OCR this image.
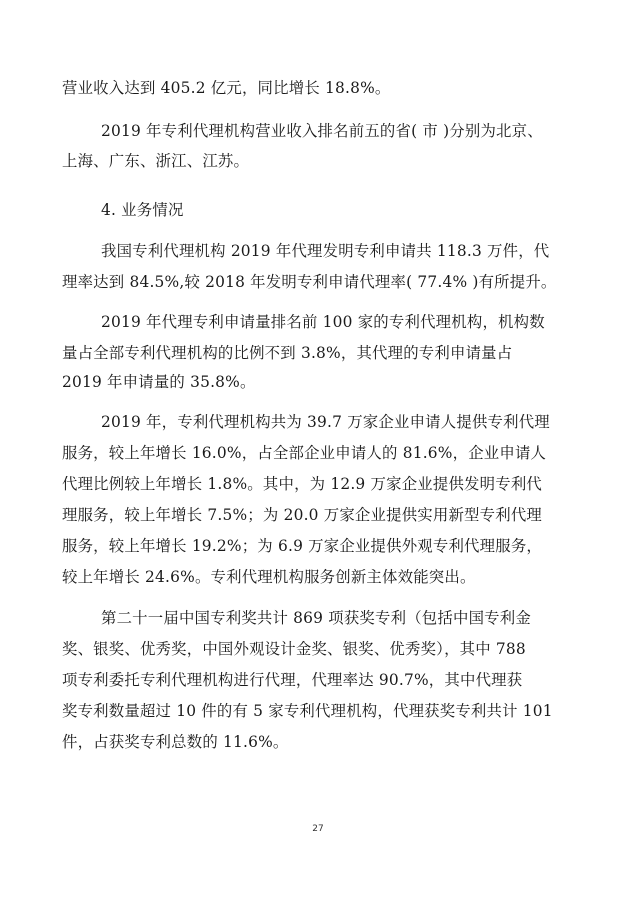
营业收入达到 405.2 亿元，同比增长 18.8%。
2019 年专利代理机构营业收入排名前五的省( 市 )分别为北京、
上海、广东、浙江、江苏。
4. 业务情况
我国专利代理机构 2019 年代理发明专利申请共 118.3 万件，代
理率达到 84.5%,较 2018 年发明专利申请代理率( 77.4% )有所提升。
2019 年代理专利申请量排名前 100 家的专利代理机构，机构数
量占全部专利代理机构的比例不到 3.8%，其代理的专利申请量占
2019 年申请量的 35.8%。
2019 年，专利代理机构共为 39.7 万家企业申请人提供专利代理
服务，较上年增长 16.0%，占全部企业申请人的 81.6%，企业申请人
代理比例较上年增长 1.8%。其中，为 12.9 万家企业提供发明专利代
理服务，较上年增长 7.5%；为 20.0 万家企业提供实用新型专利代理
服务，较上年增长 19.2%；为 6.9 万家企业提供外观专利代理服务，
较上年增长 24.6%。专利代理机构服务创新主体效能突出。
第二十一届中国专利奖共计 869 项获奖专利（包括中国专利金
奖、银奖、优秀奖，中国外观设计金奖、银奖、优秀奖），其中 788
项专利委托专利代理机构进行代理，代理率达 90.7%，其中代理获
奖专利数量超过 10 件的有 5 家专利代理机构，代理获奖专利共计 101
件，占获奖专利总数的 11.6%。
27
